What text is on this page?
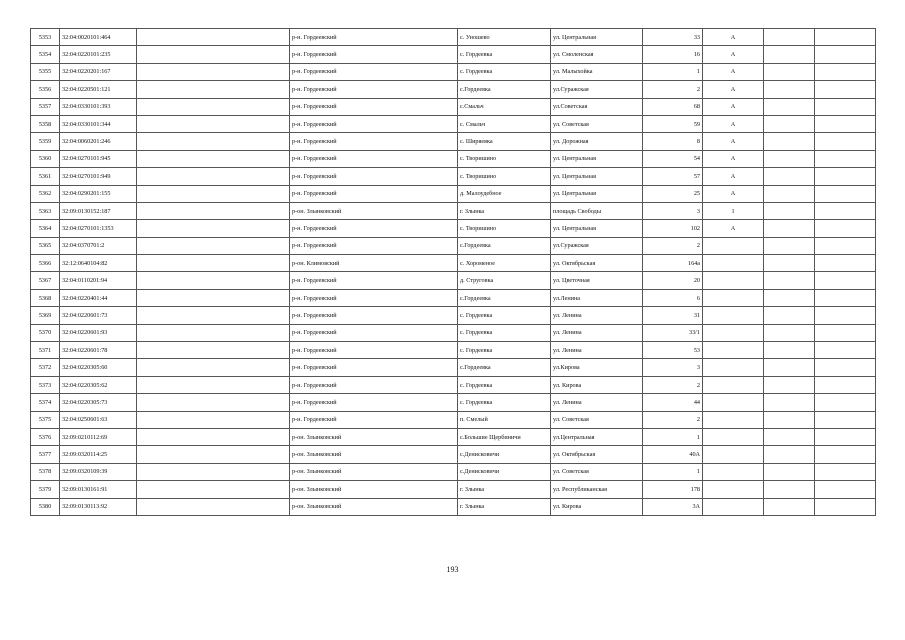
5353	32:04:0020101:464		р-н. Гордеевский	с. Уношево	ул. Центральная	33	А		
5354	32:04:0220101:235		р-н. Гордеевский	с. Гордеевка	ул. Смоленская	16	А		
5355	32:04:0220201:167		р-н. Гордеевский	с. Гордеевка	ул. Малыхойка	1	А		
5356	32:04:0220501:121		р-н. Гордеевский	с.Гордеевка	ул.Суражская	2	А		
5357	32:04:0330101:393		р-н. Гордеевский	с.Смальч	ул.Советская	68	А		
5358	32:04:0330101:344		р-н. Гордеевский	с. Смальч	ул. Советская	59	А		
5359	32:04:0060201:246		р-н. Гордеевский	с. Ширяевка	ул. Дорожная	8	А		
5360	32:04:0270101:945		р-н. Гордеевский	с. Творишино	ул. Центральная	54	А		
5361	32:04:0270101:949		р-н. Гордеевский	с. Творишино	ул. Центральная	57	А		
5362	32:04:0290201:155		р-н. Гордеевский	д. Малоудебное	ул. Центральная	25	А		
5363	32:09:0130152:187		р-он. Злынковский	г. Злынка	площадь Свободы	3	1		
5364	32:04:0270101:1353		р-н. Гордеевский	с. Творишино	ул. Центральная	102	А		
5365	32:04:0370701:2		р-н. Гордеевский	с.Гордеевка	ул.Суражская	2			
5366	32:12:0640104:82		р-он. Климовский	с. Хороменое	ул. Октябрьская	164а			
5367	32:04:0110201:94		р-н. Гордеевский	д. Струговка	ул. Цветочная	20			
5368	32:04:0220401:44		р-н. Гордеевский	с.Гордеевка	ул.Ленина	6			
5369	32:04:0220601:73		р-н. Гордеевский	с. Гордеевка	ул. Ленина	31			
5370	32:04:0220601:93		р-н. Гордеевский	с. Гордеевка	ул. Ленина	33/1			
5371	32:04:0220601:78		р-н. Гордеевский	с. Гордеевка	ул. Ленина	53			
5372	32:04:0220305:60		р-н. Гордеевский	с.Гордеевка	ул.Кирова	3			
5373	32:04:0220305:62		р-н. Гордеевский	с. Гордеевка	ул. Кирова	2			
5374	32:04:0220305:73		р-н. Гордеевский	с. Гордеевка	ул. Ленина	44			
5375	32:04:0250601:63		р-н. Гордеевский	п. Смелый	ул. Советская	2			
5376	32:09:0210112:69		р-он. Злынковский	с.Большие Щербиничи	ул.Центральная	1			
5377	32:09:0320114:25		р-он. Злынковский	с.Денисковичи	ул. Октябрьская	40А			
5378	32:09:0320109:39		р-он. Злынковский	с.Денисковичи	ул. Советская	1			
5379	32:09:0130161:91		р-он. Злынковский	г. Злынка	ул. Республиканская	178			
5380	32:09:0130113:92		р-он. Злынковский	г. Злынка	ул. Кирова	3А			
193
